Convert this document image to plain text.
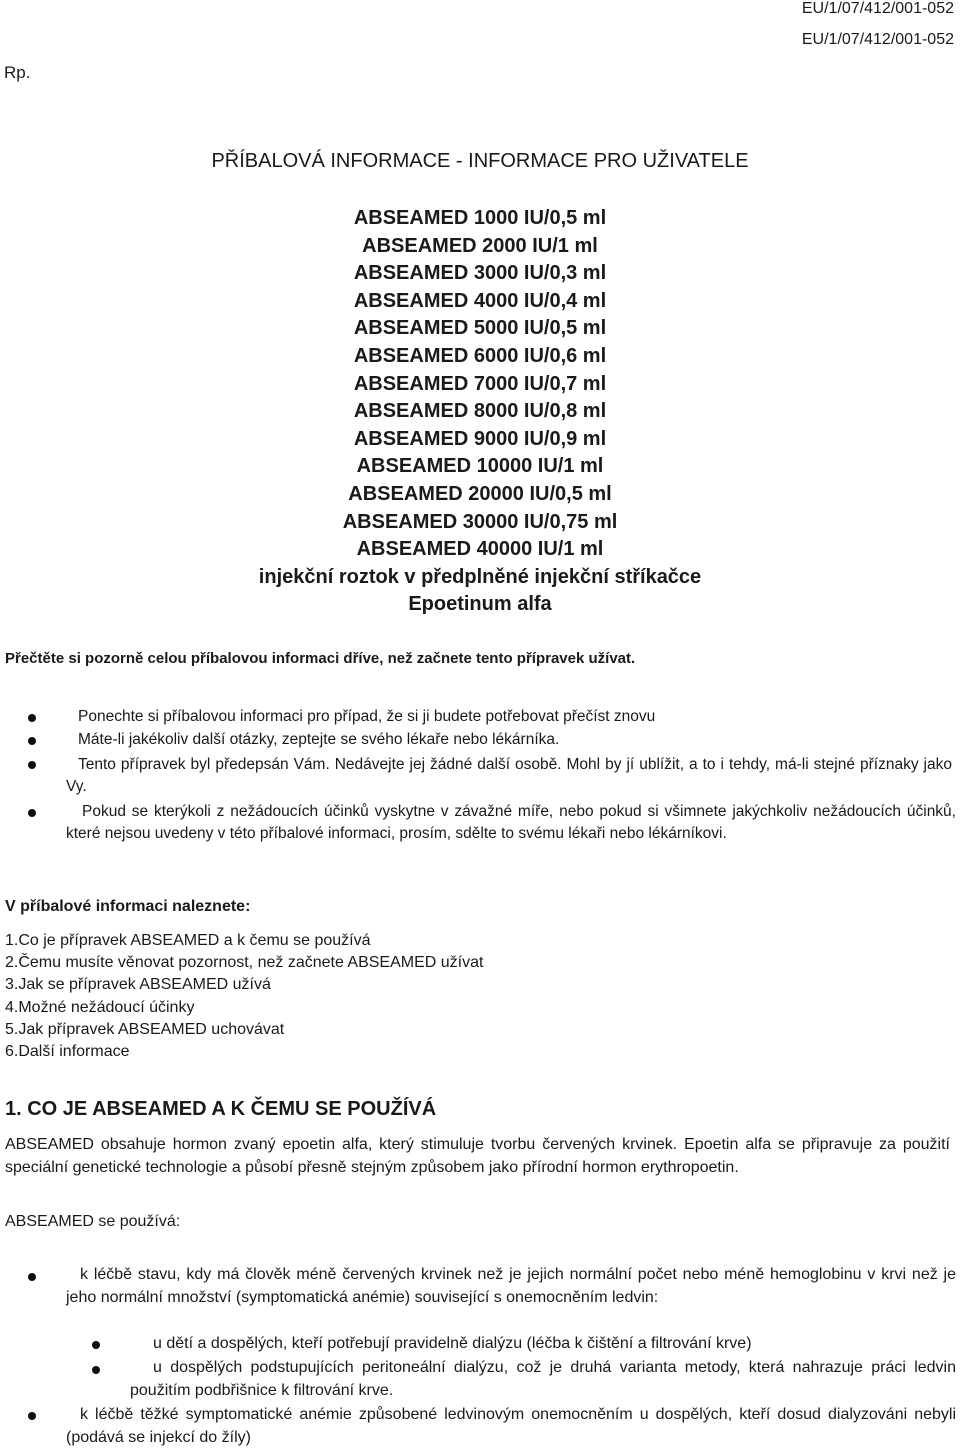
EU/1/07/412/001-052
EU/1/07/412/001-052
Rp.
PŘÍBALOVÁ INFORMACE - INFORMACE PRO UŽIVATELE
ABSEAMED 1000 IU/0,5 ml
ABSEAMED 2000 IU/1 ml
ABSEAMED 3000 IU/0,3 ml
ABSEAMED 4000 IU/0,4 ml
ABSEAMED 5000 IU/0,5 ml
ABSEAMED 6000 IU/0,6 ml
ABSEAMED 7000 IU/0,7 ml
ABSEAMED 8000 IU/0,8 ml
ABSEAMED 9000 IU/0,9 ml
ABSEAMED 10000 IU/1 ml
ABSEAMED 20000 IU/0,5 ml
ABSEAMED 30000 IU/0,75 ml
ABSEAMED 40000 IU/1 ml
injekční roztok v předplněné injekční stříkačce
Epoetinum alfa
Přečtěte si pozorně celou příbalovou informaci dříve, než začnete tento přípravek užívat.
Ponechte si příbalovou informaci pro případ, že si ji budete potřebovat přečíst znovu
Máte-li jakékoliv další otázky, zeptejte se svého lékaře nebo lékárníka.
Tento přípravek byl předepsán Vám. Nedávejte jej žádné další osobě. Mohl by jí ublížit, a to i tehdy, má-li stejné příznaky jako Vy.
Pokud se kterýkoli z nežádoucích účinků vyskytne v závažné míře, nebo pokud si všimnete jakýchkoliv nežádoucích účinků, které nejsou uvedeny v této příbalové informaci, prosím, sdělte to svému lékaři nebo lékárníkovi.
V příbalové informaci naleznete:
1.Co je přípravek ABSEAMED a k čemu se používá
2.Čemu musíte věnovat pozornost, než začnete ABSEAMED užívat
3.Jak se přípravek ABSEAMED užívá
4.Možné nežádoucí účinky
5.Jak přípravek ABSEAMED uchovávat
6.Další informace
1. CO JE ABSEAMED A K ČEMU SE POUŽÍVÁ
ABSEAMED obsahuje hormon zvaný epoetin alfa, který stimuluje tvorbu červených krvinek. Epoetin alfa se připravuje za použití speciální genetické technologie a působí přesně stejným způsobem jako přírodní hormon erythropoetin.
ABSEAMED se používá:
k léčbě stavu, kdy má člověk méně červených krvinek než je jejich normální počet nebo méně hemoglobinu v krvi než je jeho normální množství (symptomatická anémie) související s onemocněním ledvin:
u dětí a dospělých, kteří potřebují pravidelně dialýzu (léčba k čištění a filtrování krve)
u dospělých podstupujících peritoneální dialýzu, což je druhá varianta metody, která nahrazuje práci ledvin použitím podbřišnice k filtrování krve.
k léčbě těžké symptomatické anémie způsobené ledvinovým onemocněním u dospělých, kteří dosud dialyzováni nebyli (podává se injekcí do žíly)
